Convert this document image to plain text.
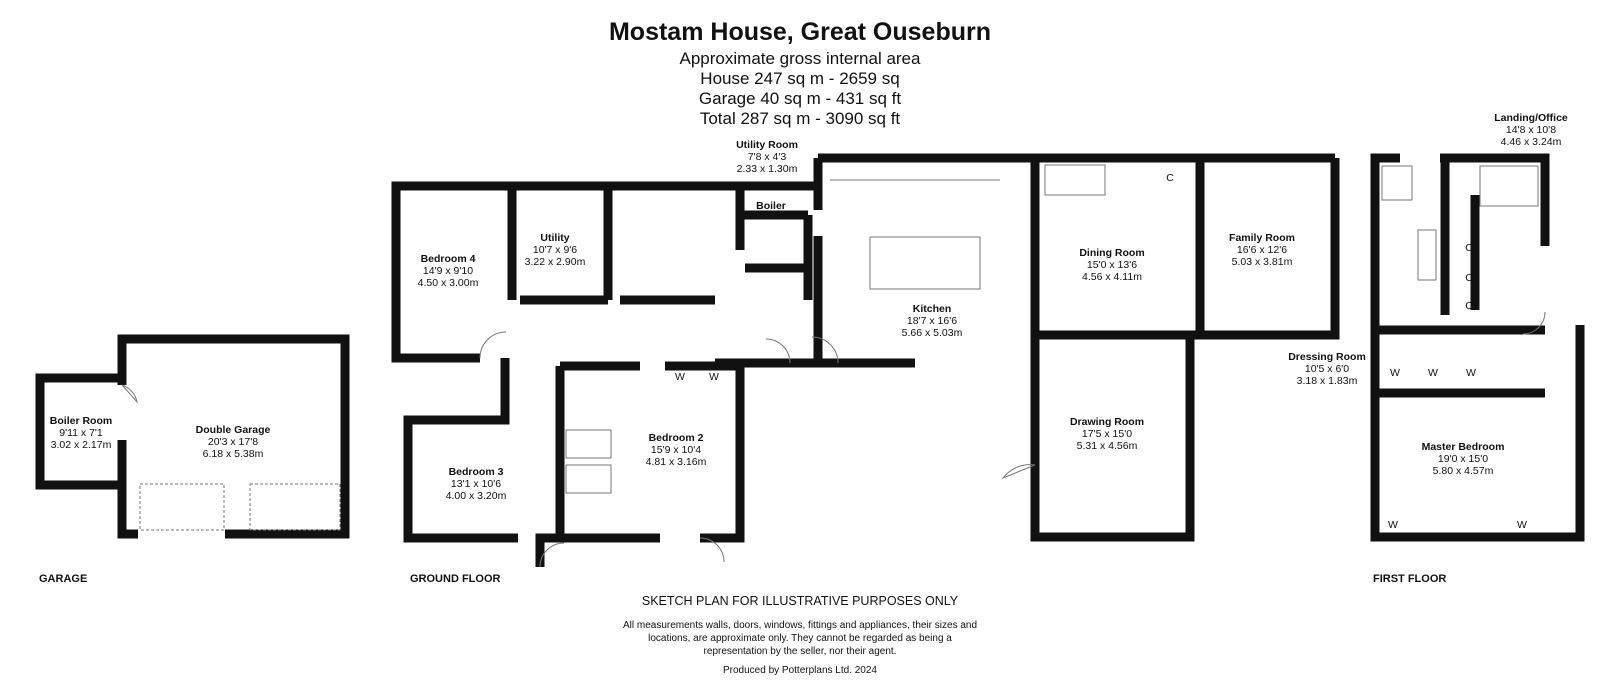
Mostam House, Great Ouseburn
Approximate gross internal area
House 247 sq m - 2659 sq
Garage 40 sq m - 431 sq ft
Total 287 sq m - 3090 sq ft
Boiler Room
9'11 x 7'1
3.02 x 2.17m
Double Garage
20'3 x 17'8
6.18 x 5.38m
Bedroom 4
14'9 x 9'10
4.50 x 3.00m
Utility
10'7 x 9'6
3.22 x 2.90m
Utility Room
7'8 x 4'3
2.33 x 1.30m
Boiler
Kitchen
18'7 x 16'6
5.66 x 5.03m
Dining Room
15'0 x 13'6
4.56 x 4.11m
Family Room
16'6 x 12'6
5.03 x 3.81m
Bedroom 3
13'1 x 10'6
4.00 x 3.20m
Bedroom 2
15'9 x 10'4
4.81 x 3.16m
Drawing Room
17'5 x 15'0
5.31 x 4.56m
Landing/Office
14'8 x 10'8
4.46 x 3.24m
Dressing Room
10'5 x 6'0
3.18 x 1.83m
Master Bedroom
19'0 x 15'0
5.80 x 4.57m
C
C
C
C
W W	W	W	W
W	W
GARAGE	GROUND FLOOR	FIRST FLOOR
SKETCH PLAN FOR ILLUSTRATIVE PURPOSES ONLY
All measurements walls, doors, windows, fittings and appliances, their sizes and
locations, are approximate only. They cannot be regarded as being a
representation by the seller, nor their agent.
Produced by Potterplans Ltd. 2024
